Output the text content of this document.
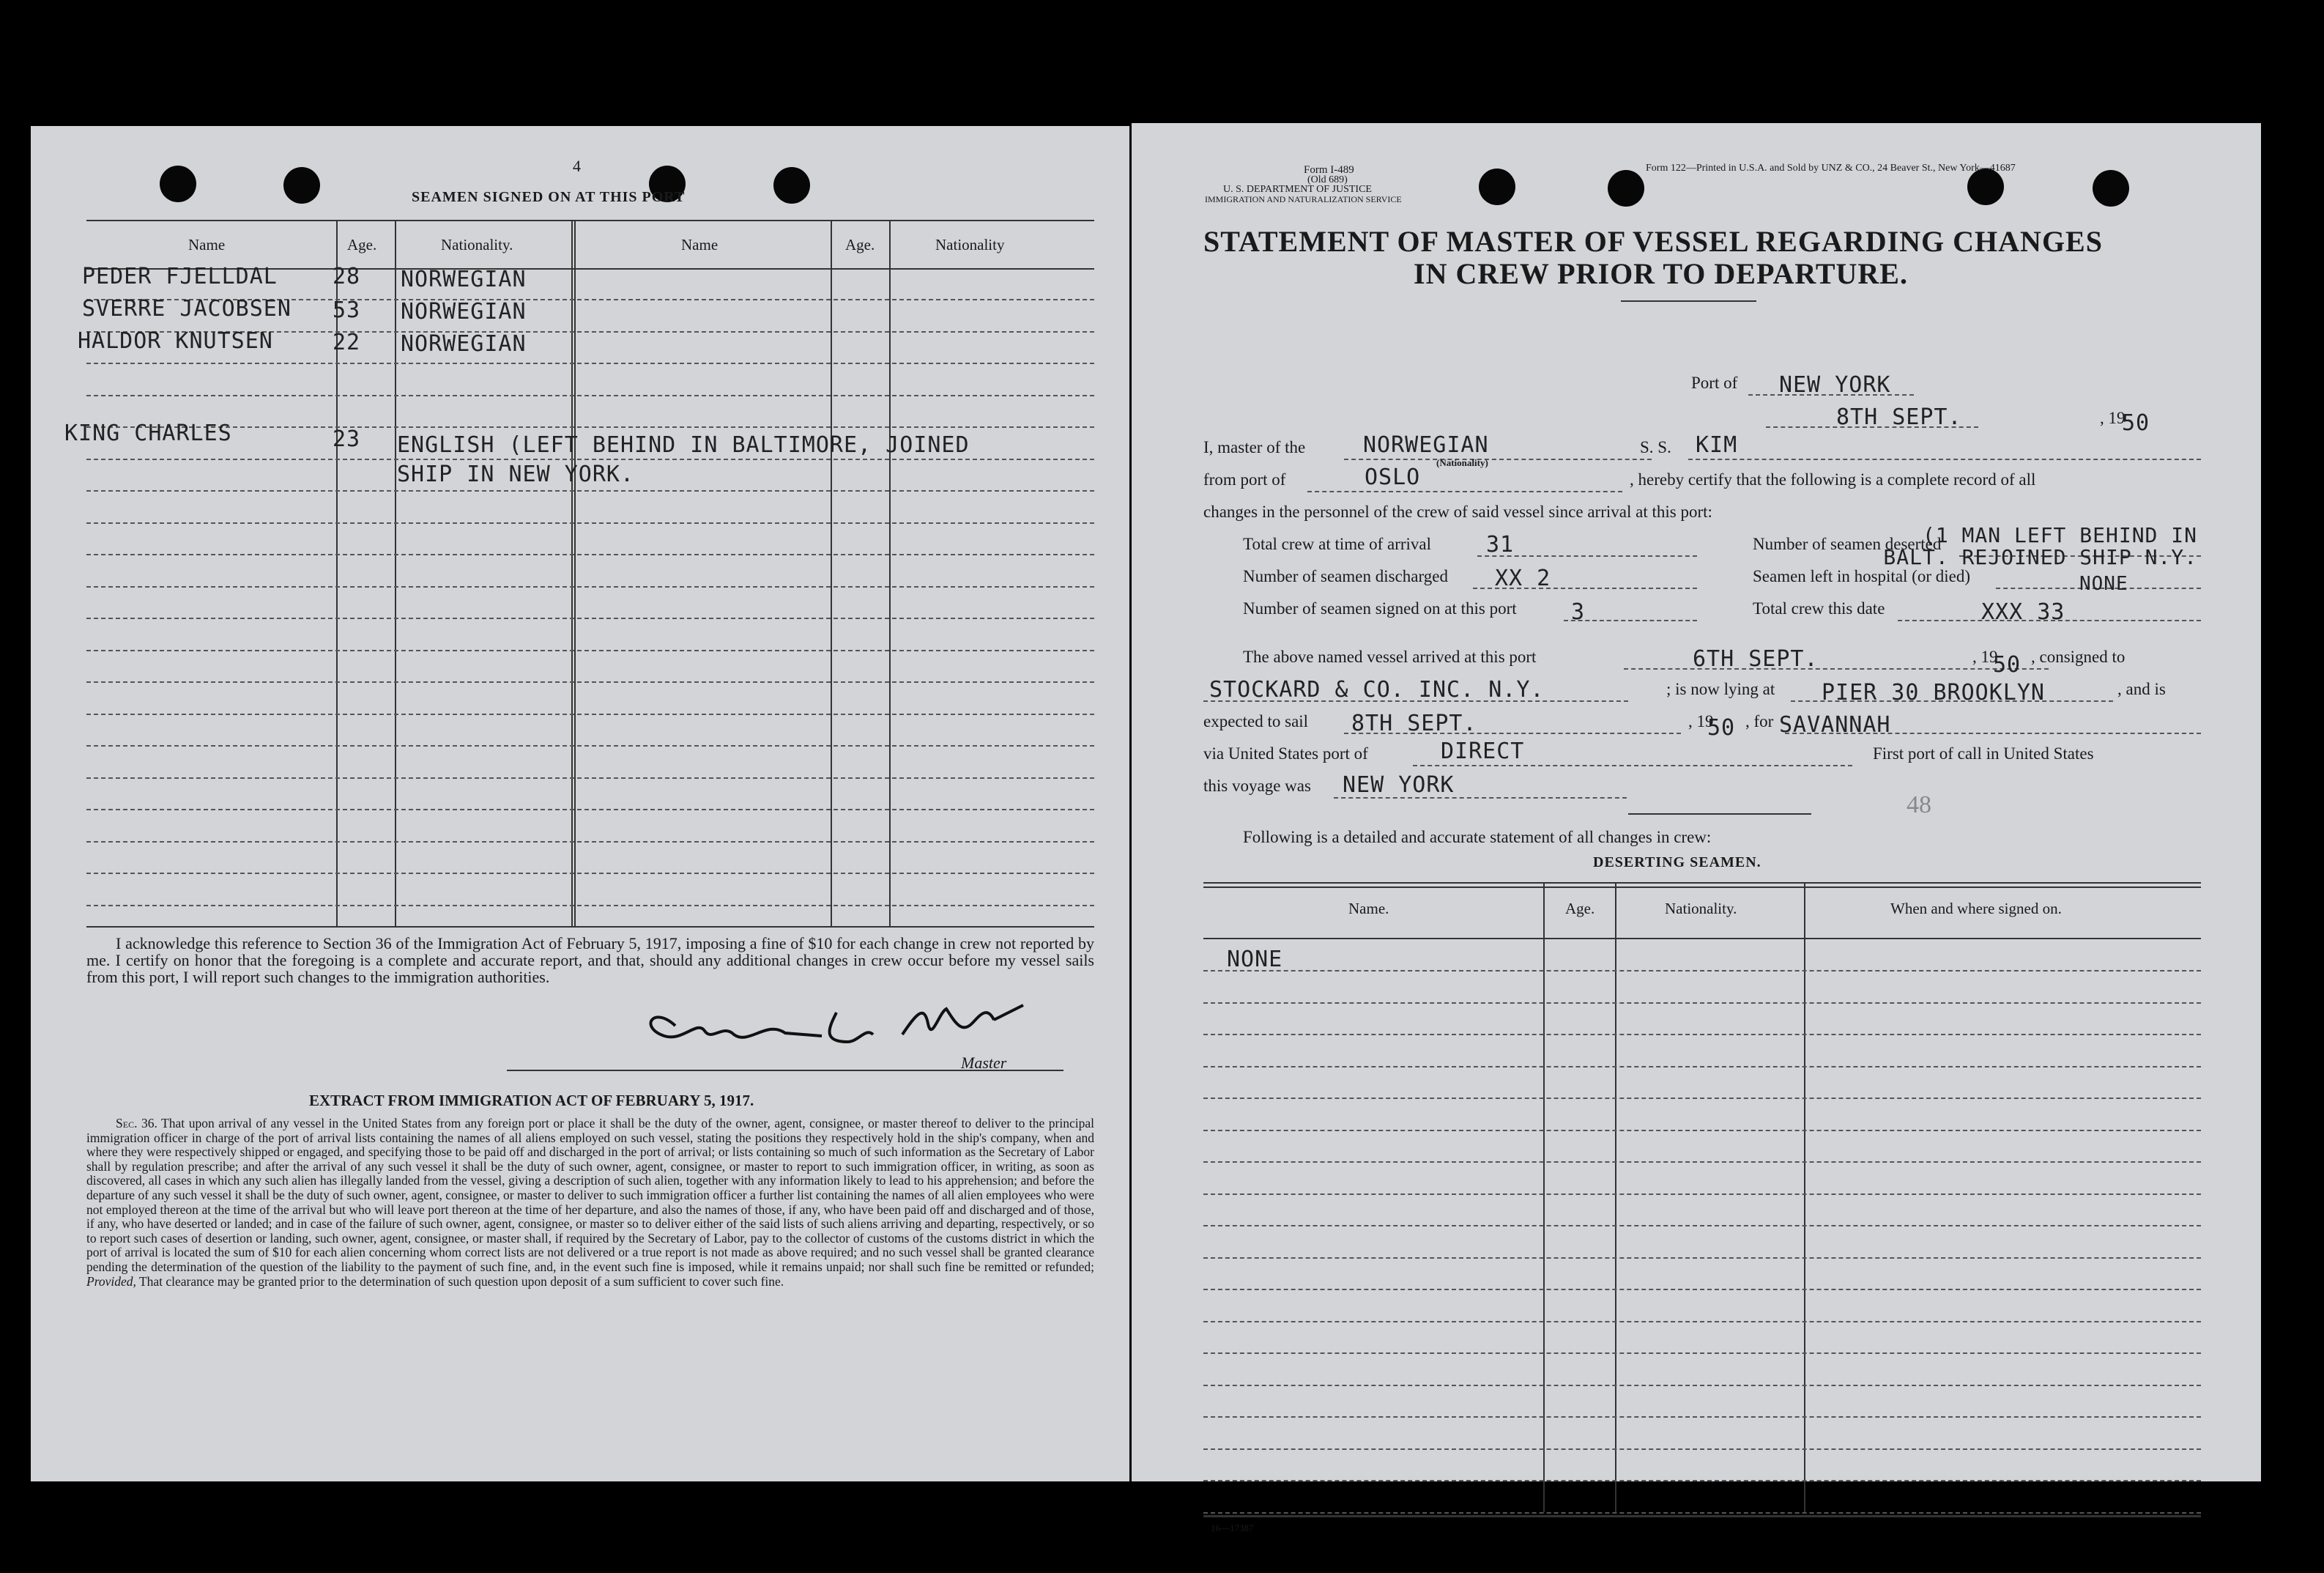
4
SEAMEN SIGNED ON AT THIS PORT
Name	Age.	Nationality.	Name	Age.	Nationality
PEDER FJELLDAL	28 NORWEGIAN
SVERRE JACOBSEN 53 NORWEGIAN
HALDOR KNUTSEN	22 NORWEGIAN
KING CHARLES	23 ENGLISH (LEFT BEHIND IN BALTIMORE, JOINED
SHIP IN NEW YORK.
I acknowledge this reference to Section 36 of the Immigration Act of February 5, 1917, imposing a fine of $10 for each change in crew not reported by me. I certify on honor that the foregoing is a complete and accurate report, and that, should any additional changes in crew occur before my vessel sails from this port, I will report such changes to the immigration authorities.
Master
EXTRACT FROM IMMIGRATION ACT OF FEBRUARY 5, 1917.
Sec. 36. That upon arrival of any vessel in the United States from any foreign port or place it shall be the duty of the owner, agent, consignee, or master thereof to deliver to the principal immigration officer in charge of the port of arrival lists containing the names of all aliens employed on such vessel, stating the positions they respectively hold in the ship's company, when and where they were respectively shipped or engaged, and specifying those to be paid off and discharged in the port of arrival; or lists containing so much of such information as the Secretary of Labor shall by regulation prescribe; and after the arrival of any such vessel it shall be the duty of such owner, agent, consignee, or master to report to such immigration officer, in writing, as soon as discovered, all cases in which any such alien has illegally landed from the vessel, giving a description of such alien, together with any information likely to lead to his apprehension; and before the departure of any such vessel it shall be the duty of such owner, agent, consignee, or master to deliver to such immigration officer a further list containing the names of all alien employees who were not employed thereon at the time of the arrival but who will leave port thereon at the time of her departure, and also the names of those, if any, who have been paid off and discharged and of those, if any, who have deserted or landed; and in case of the failure of such owner, agent, consignee, or master so to deliver either of the said lists of such aliens arriving and departing, respectively, or so to report such cases of desertion or landing, such owner, agent, consignee, or master shall, if required by the Secretary of Labor, pay to the collector of customs of the customs district in which the port of arrival is located the sum of $10 for each alien concerning whom correct lists are not delivered or a true report is not made as above required; and no such vessel shall be granted clearance pending the determination of the question of the liability to the payment of such fine, and, in the event such fine is imposed, while it remains unpaid; nor shall such fine be remitted or refunded; Provided, That clearance may be granted prior to the determination of such question upon deposit of a sum sufficient to cover such fine.
Form I-489
(Old 689)
U. S. DEPARTMENT OF JUSTICE
IMMIGRATION AND NATURALIZATION SERVICE
Form 122—Printed in U.S.A. and Sold by UNZ & CO., 24 Beaver St., New York—41687
STATEMENT OF MASTER OF VESSEL REGARDING CHANGES
IN CREW PRIOR TO DEPARTURE.
Port of NEW YORK
8TH SEPT.	, 19
50
I, master of the	NORWEGIAN
(Nationality)
S. S. KIM
from port of	OSLO	, hereby certify that the following is a complete record of all
changes in the personnel of the crew of said vessel since arrival at this port:
Total crew at time of arrival 31
Number of seamen discharged XX 2
Number of seamen signed on at this port 3
Number of seamen deserted
(1 MAN LEFT BEHIND IN BALT. REJOINED SHIP N.Y.
Seamen left in hospital (or died)	NONE
Total crew this date	XXX 33
The above named vessel arrived at this port	6TH SEPT.	, 19
50 , consigned to
STOCKARD & CO. INC. N.Y.	; is now lying at PIER 30 BROOKLYN	, and is
expected to sail 8TH SEPT.	, 19
50 , for SAVANNAH
via United States port of	DIRECT	First port of call in United States
this voyage was NEW YORK
48
Following is a detailed and accurate statement of all changes in crew:
DESERTING SEAMEN.
Name.	Age.	Nationality.	When and where signed on.
NONE
16—17387
